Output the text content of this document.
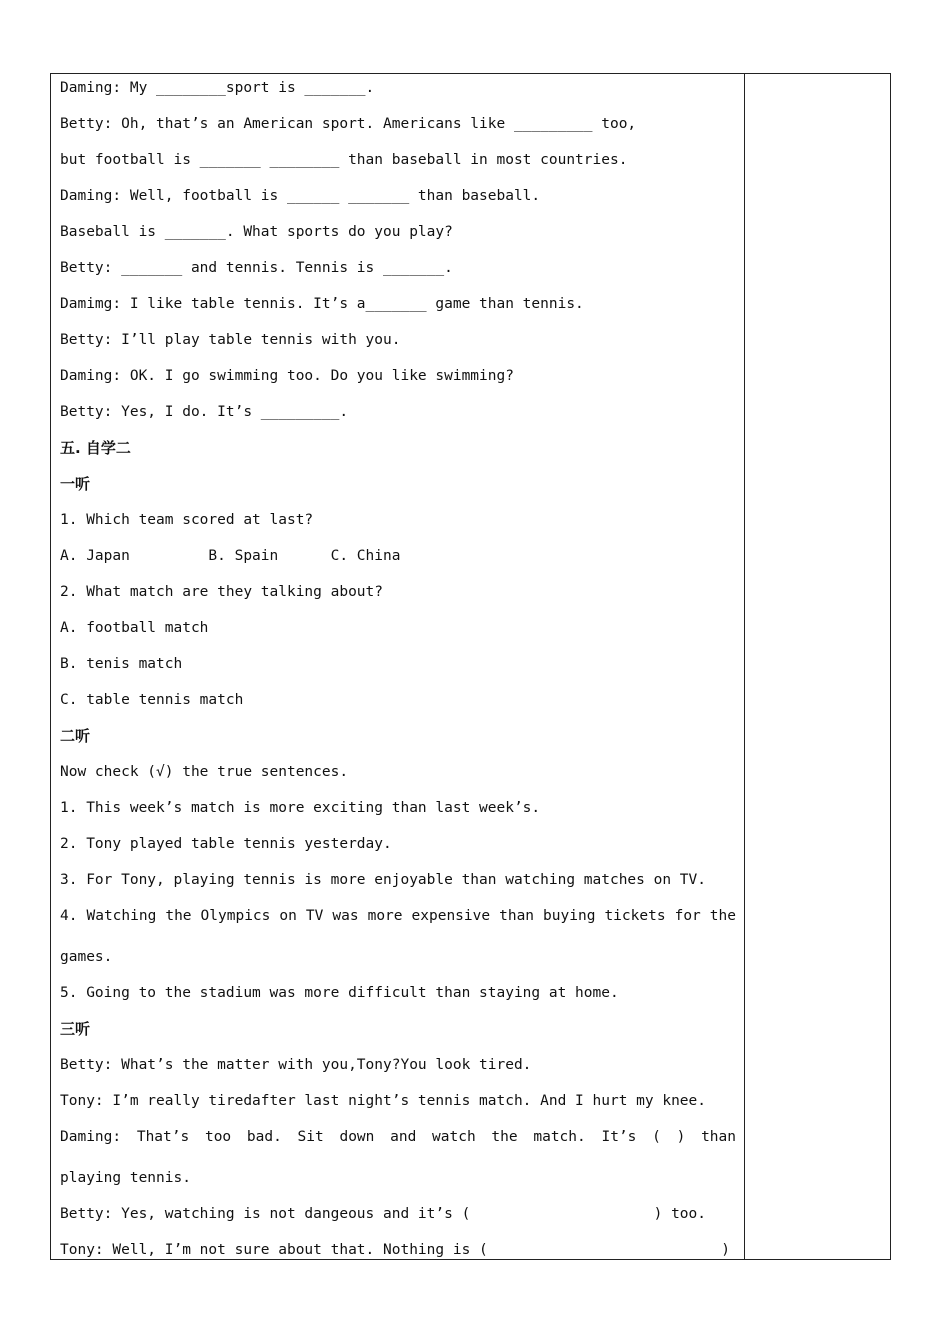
Daming: My ________sport is _______.
Betty: Oh, that’s an American sport. Americans like _________ too,
but football is _______ ________ than baseball in most countries.
Daming: Well, football is ______ _______ than baseball.
Baseball is _______. What sports do you play?
Betty: _______ and tennis. Tennis is _______.
Damimg: I like table tennis. It’s a_______ game than tennis.
Betty: I’ll play table tennis with you.
Daming: OK. I go swimming too. Do you like swimming?
Betty: Yes, I do. It’s _________.
五. 自学二
一听
1. Which team scored at last?
A. Japan         B. Spain      C. China
2. What match are they talking about?
A. football match
B. tenis match
C. table tennis match
二听
Now check (√) the true sentences.
1. This week’s match is more exciting than last week’s.
2. Tony played table tennis yesterday.
3. For Tony, playing tennis is more enjoyable than watching matches on TV.
4. Watching the Olympics on TV was more expensive than buying tickets for the
games.
5. Going to the stadium was more difficult than staying at home.
三听
Betty: What’s the matter with you,Tony?You look tired.
Tony: I’m really tiredafter last night’s tennis match. And I hurt my knee.
Daming: That’s too bad. Sit down and watch the match. It’s ( ) than
playing tennis.
Betty: Yes, watching is not dangeous and it’s (                     ) too.
Tony: Well, I’m not sure about that. Nothing is (	)
